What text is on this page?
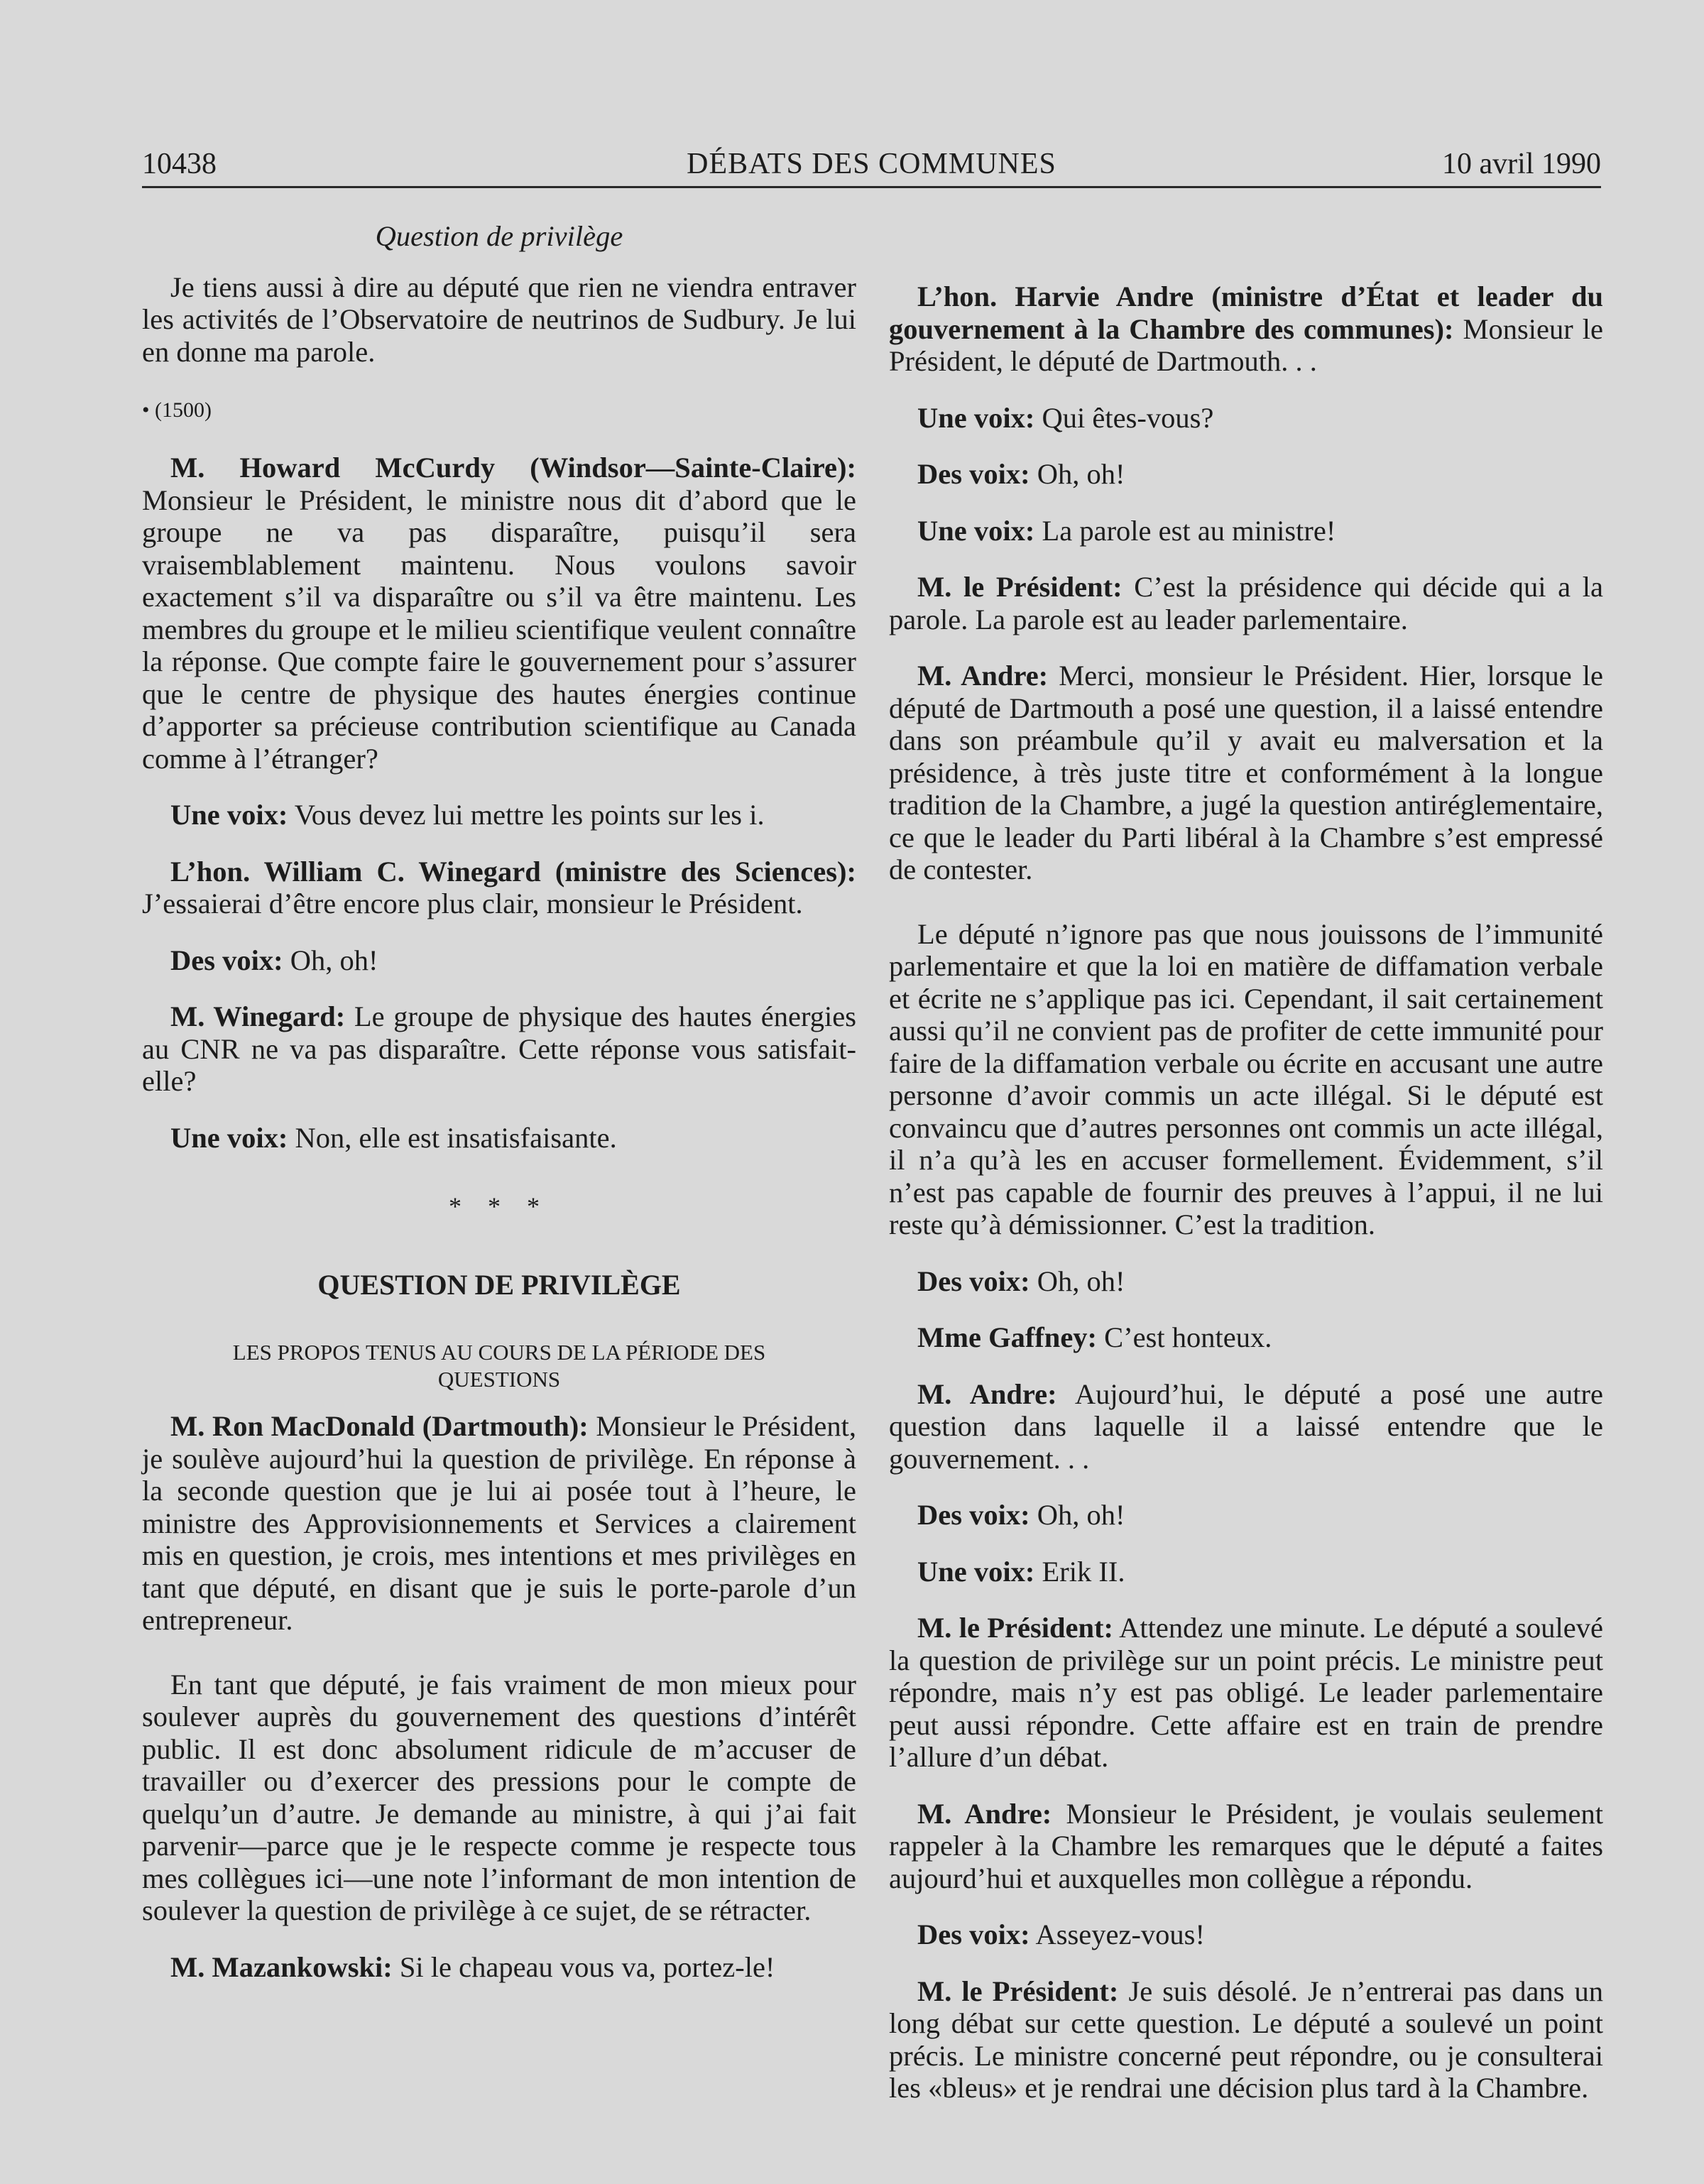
10438	DÉBATS DES COMMUNES	10 avril 1990

Question de privilège

Je tiens aussi à dire au député que rien ne viendra entraver les activités de l’Observatoire de neutrinos de Sudbury. Je lui en donne ma parole.

• (1500)

M. Howard McCurdy (Windsor—Sainte-Claire): Monsieur le Président, le ministre nous dit d’abord que le groupe ne va pas disparaître, puisqu’il sera vraisemblablement maintenu. Nous voulons savoir exactement s’il va disparaître ou s’il va être maintenu. Les membres du groupe et le milieu scientifique veulent connaître la réponse. Que compte faire le gouvernement pour s’assurer que le centre de physique des hautes énergies continue d’apporter sa précieuse contribution scientifique au Canada comme à l’étranger?

Une voix: Vous devez lui mettre les points sur les i.

L’hon. William C. Winegard (ministre des Sciences): J’essaierai d’être encore plus clair, monsieur le Président.

Des voix: Oh, oh!

M. Winegard: Le groupe de physique des hautes énergies au CNR ne va pas disparaître. Cette réponse vous satisfait-elle?

Une voix: Non, elle est insatisfaisante.

* * *

QUESTION DE PRIVILÈGE

LES PROPOS TENUS AU COURS DE LA PÉRIODE DES QUESTIONS

M. Ron MacDonald (Dartmouth): Monsieur le Président, je soulève aujourd’hui la question de privilège. En réponse à la seconde question que je lui ai posée tout à l’heure, le ministre des Approvisionnements et Services a clairement mis en question, je crois, mes intentions et mes privilèges en tant que député, en disant que je suis le porte-parole d’un entrepreneur.

En tant que député, je fais vraiment de mon mieux pour soulever auprès du gouvernement des questions d’intérêt public. Il est donc absolument ridicule de m’accuser de travailler ou d’exercer des pressions pour le compte de quelqu’un d’autre. Je demande au ministre, à qui j’ai fait parvenir—parce que je le respecte comme je respecte tous mes collègues ici—une note l’informant de mon intention de soulever la question de privilège à ce sujet, de se rétracter.

M. Mazankowski: Si le chapeau vous va, portez-le!

L’hon. Harvie Andre (ministre d’État et leader du gouvernement à la Chambre des communes): Monsieur le Président, le député de Dartmouth. . .

Une voix: Qui êtes-vous?

Des voix: Oh, oh!

Une voix: La parole est au ministre!

M. le Président: C’est la présidence qui décide qui a la parole. La parole est au leader parlementaire.

M. Andre: Merci, monsieur le Président. Hier, lorsque le député de Dartmouth a posé une question, il a laissé entendre dans son préambule qu’il y avait eu malversation et la présidence, à très juste titre et conformément à la longue tradition de la Chambre, a jugé la question antiréglementaire, ce que le leader du Parti libéral à la Chambre s’est empressé de contester.

Le député n’ignore pas que nous jouissons de l’immunité parlementaire et que la loi en matière de diffamation verbale et écrite ne s’applique pas ici. Cependant, il sait certainement aussi qu’il ne convient pas de profiter de cette immunité pour faire de la diffamation verbale ou écrite en accusant une autre personne d’avoir commis un acte illégal. Si le député est convaincu que d’autres personnes ont commis un acte illégal, il n’a qu’à les en accuser formellement. Évidemment, s’il n’est pas capable de fournir des preuves à l’appui, il ne lui reste qu’à démissionner. C’est la tradition.

Des voix: Oh, oh!

Mme Gaffney: C’est honteux.

M. Andre: Aujourd’hui, le député a posé une autre question dans laquelle il a laissé entendre que le gouvernement. . .

Des voix: Oh, oh!

Une voix: Erik II.

M. le Président: Attendez une minute. Le député a soulevé la question de privilège sur un point précis. Le ministre peut répondre, mais n’y est pas obligé. Le leader parlementaire peut aussi répondre. Cette affaire est en train de prendre l’allure d’un débat.

M. Andre: Monsieur le Président, je voulais seulement rappeler à la Chambre les remarques que le député a faites aujourd’hui et auxquelles mon collègue a répondu.

Des voix: Asseyez-vous!

M. le Président: Je suis désolé. Je n’entrerai pas dans un long débat sur cette question. Le député a soulevé un point précis. Le ministre concerné peut répondre, ou je consulterai les «bleus» et je rendrai une décision plus tard à la Chambre.
